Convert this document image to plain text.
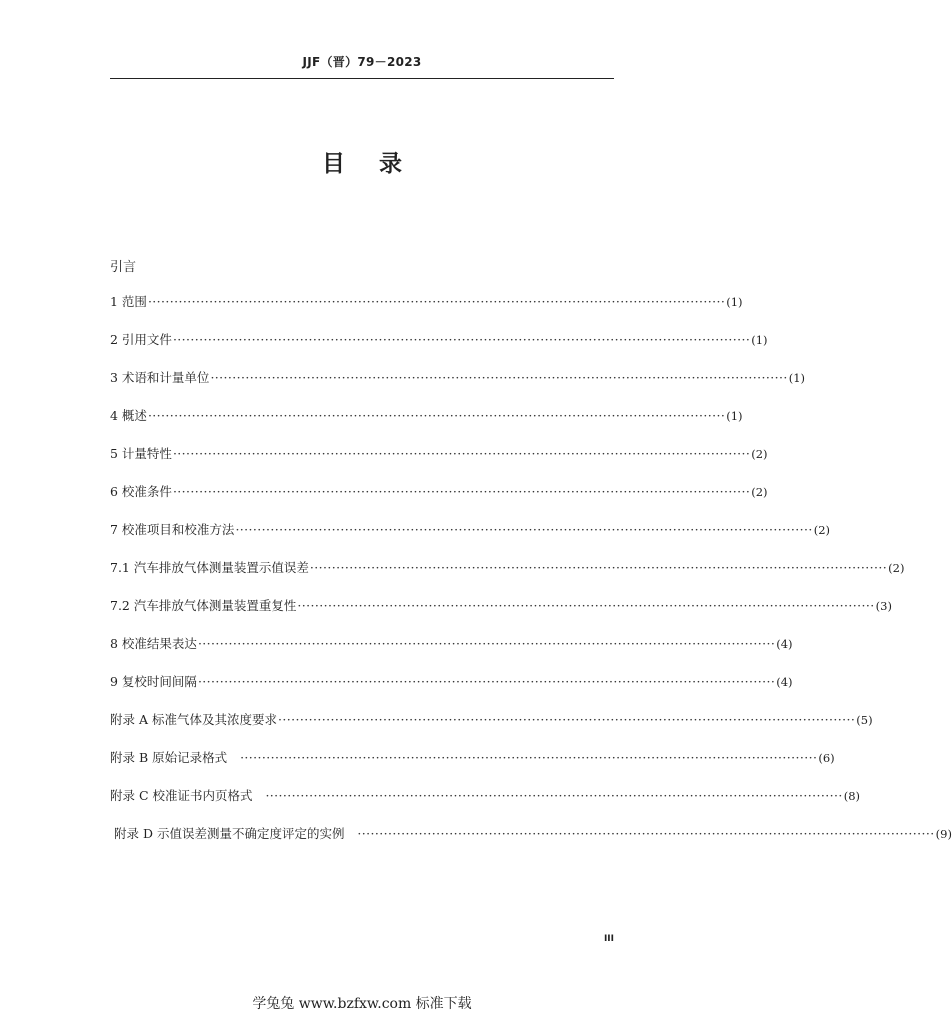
JJF（晋）79－2023
目录
引言
1 范围 ···································································································································· (1)
2 引用文件 ···································································································································· (1)
3 术语和计量单位 ···································································································································· (1)
4 概述 ···································································································································· (1)
5 计量特性 ···································································································································· (2)
6 校准条件 ···································································································································· (2)
7 校准项目和校准方法 ···································································································································· (2)
7.1 汽车排放气体测量装置示值误差 ···································································································································· (2)
7.2 汽车排放气体测量装置重复性 ···································································································································· (3)
8 校准结果表达 ···································································································································· (4)
9 复校时间间隔 ···································································································································· (4)
附录 A 标准气体及其浓度要求 ···································································································································· (5)
附录 B 原始记录格式 ···································································································································· (6)
附录 C 校准证书内页格式 ···································································································································· (8)
附录 D 示值误差测量不确定度评定的实例 ···································································································································· (9)
III
学兔兔 www.bzfxw.com 标准下载
